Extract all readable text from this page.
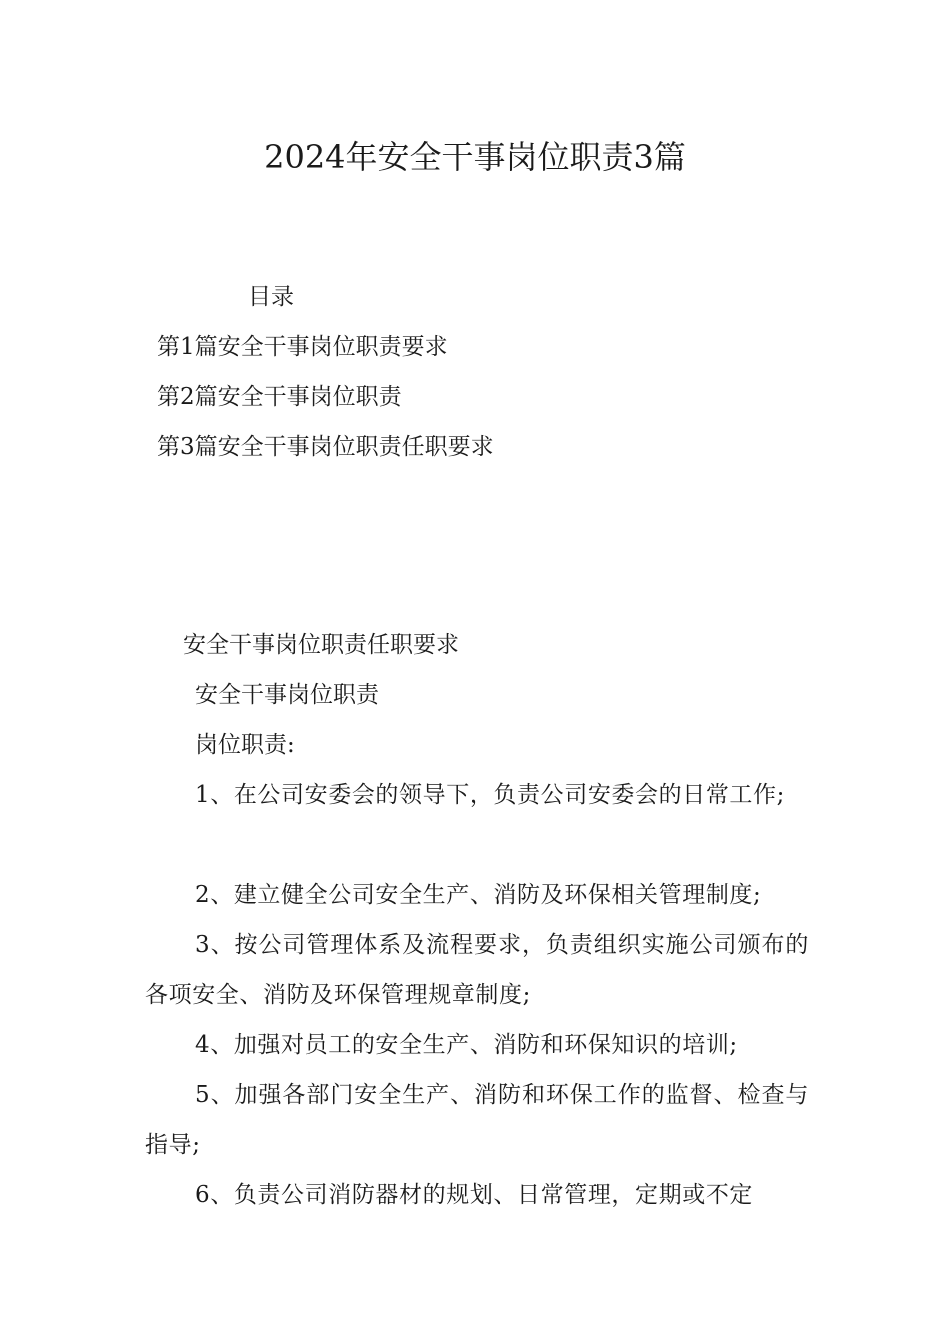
2024年安全干事岗位职责3篇
目录
第1篇安全干事岗位职责要求
第2篇安全干事岗位职责
第3篇安全干事岗位职责任职要求
安全干事岗位职责任职要求
安全干事岗位职责
岗位职责:
1、在公司安委会的领导下，负责公司安委会的日常工作;
2、建立健全公司安全生产、消防及环保相关管理制度;
3、按公司管理体系及流程要求，负责组织实施公司颁布的各项安全、消防及环保管理规章制度;
4、加强对员工的安全生产、消防和环保知识的培训;
5、加强各部门安全生产、消防和环保工作的监督、检查与指导;
6、负责公司消防器材的规划、日常管理，定期或不定
